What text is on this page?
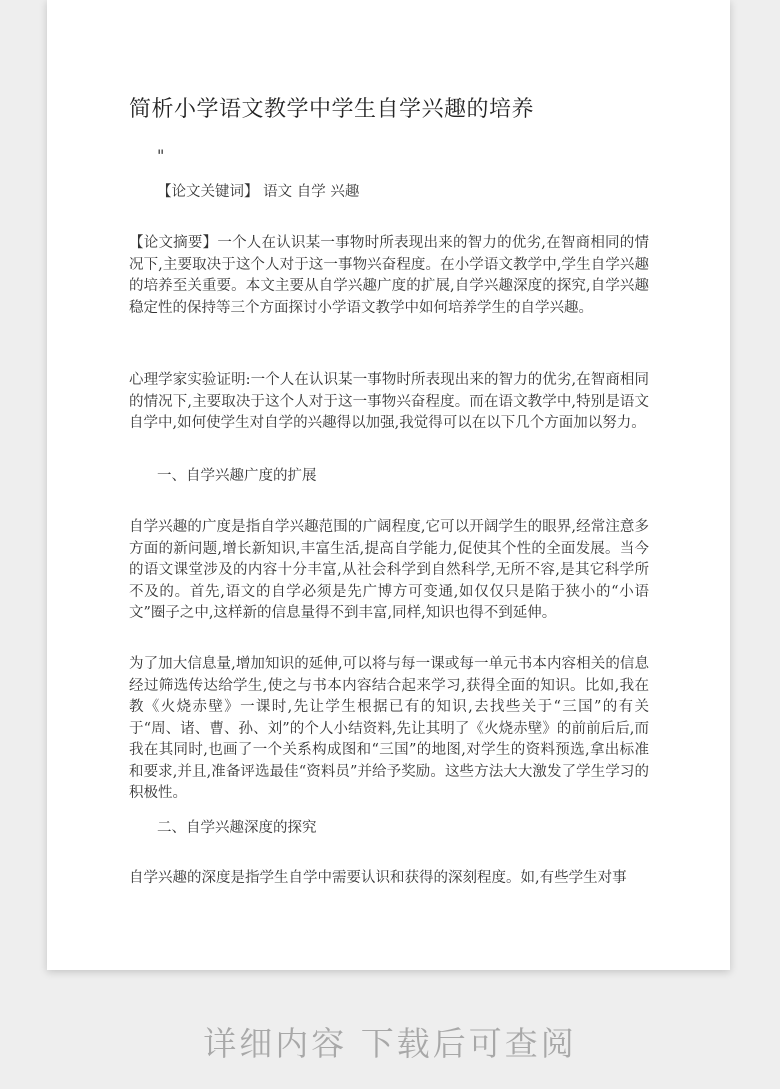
简析小学语文教学中学生自学兴趣的培养
"
【论文关键词】 语文 自学 兴趣

【论文摘要】一个人在认识某一事物时所表现出来的智力的优劣,在智商相同的情况下,主要取决于这个人对于这一事物兴奋程度。在小学语文教学中,学生自学兴趣的培养至关重要。本文主要从自学兴趣广度的扩展,自学兴趣深度的探究,自学兴趣稳定性的保持等三个方面探讨小学语文教学中如何培养学生的自学兴趣。

心理学家实验证明:一个人在认识某一事物时所表现出来的智力的优劣,在智商相同的情况下,主要取决于这个人对于这一事物兴奋程度。而在语文教学中,特别是语文自学中,如何使学生对自学的兴趣得以加强,我觉得可以在以下几个方面加以努力。

一、自学兴趣广度的扩展

自学兴趣的广度是指自学兴趣范围的广阔程度,它可以开阔学生的眼界,经常注意多方面的新问题,增长新知识,丰富生活,提高自学能力,促使其个性的全面发展。当今的语文课堂涉及的内容十分丰富,从社会科学到自然科学,无所不容,是其它科学所不及的。首先,语文的自学必须是先广博方可变通,如仅仅只是陷于狭小的“小语文”圈子之中,这样新的信息量得不到丰富,同样,知识也得不到延伸。

为了加大信息量,增加知识的延伸,可以将与每一课或每一单元书本内容相关的信息经过筛选传达给学生,使之与书本内容结合起来学习,获得全面的知识。比如,我在教《火烧赤壁》一课时,先让学生根据已有的知识,去找些关于“三国”的有关于“周、诸、曹、孙、刘”的个人小结资料,先让其明了《火烧赤壁》的前前后后,而我在其同时,也画了一个关系构成图和“三国”的地图,对学生的资料预选,拿出标准和要求,并且,准备评选最佳“资料员”并给予奖励。这些方法大大激发了学生学习的积极性。

二、自学兴趣深度的探究

自学兴趣的深度是指学生自学中需要认识和获得的深刻程度。如,有些学生对事

详细内容 下载后可查阅
